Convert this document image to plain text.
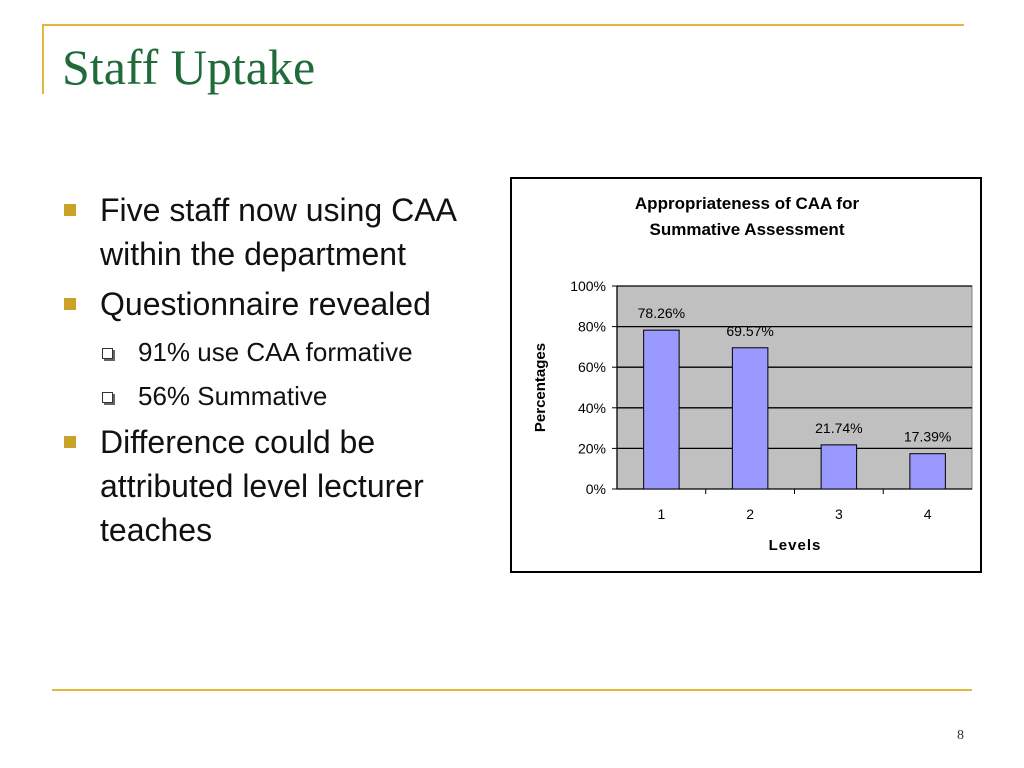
Staff Uptake
Five staff now using CAA within the department
Questionnaire revealed
91% use CAA formative
56% Summative
Difference could be attributed level lecturer teaches
Appropriateness of CAA for
Summative Assessment
0%
20%
40%
60%
80%
100%
78.26%
1
69.57%
2
21.74%
3
17.39%
4
Levels
Percentages
8
